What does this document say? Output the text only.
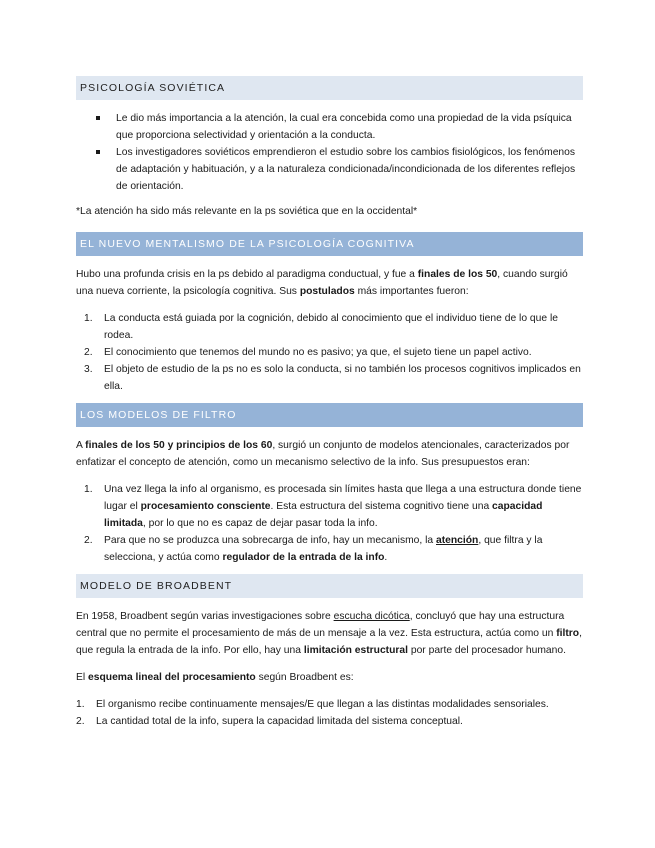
PSICOLOGÍA SOVIÉTICA
Le dio más importancia a la atención, la cual era concebida como una propiedad de la vida psíquica que proporciona selectividad y orientación a la conducta.
Los investigadores soviéticos emprendieron el estudio sobre los cambios fisiológicos, los fenómenos de adaptación y habituación, y a la naturaleza condicionada/incondicionada de los diferentes reflejos de orientación.

*La atención ha sido más relevante en la ps soviética que en la occidental*

EL NUEVO MENTALISMO DE LA PSICOLOGÍA COGNITIVA

Hubo una profunda crisis en la ps debido al paradigma conductual, y fue a finales de los 50, cuando surgió una nueva corriente, la psicología cognitiva. Sus postulados más importantes fueron:

1. La conducta está guiada por la cognición, debido al conocimiento que el individuo tiene de lo que le rodea.
2. El conocimiento que tenemos del mundo no es pasivo; ya que, el sujeto tiene un papel activo.
3. El objeto de estudio de la ps no es solo la conducta, si no también los procesos cognitivos implicados en ella.
LOS MODELOS DE FILTRO

A finales de los 50 y principios de los 60, surgió un conjunto de modelos atencionales, caracterizados por enfatizar el concepto de atención, como un mecanismo selectivo de la info. Sus presupuestos eran:

1. Una vez llega la info al organismo, es procesada sin límites hasta que llega a una estructura donde tiene lugar el procesamiento consciente. Esta estructura del sistema cognitivo tiene una capacidad limitada, por lo que no es capaz de dejar pasar toda la info.
2. Para que no se produzca una sobrecarga de info, hay un mecanismo, la atención, que filtra y la selecciona, y actúa como regulador de la entrada de la info.
MODELO DE BROADBENT

En 1958, Broadbent según varias investigaciones sobre escucha dicótica, concluyó que hay una estructura central que no permite el procesamiento de más de un mensaje a la vez. Esta estructura, actúa como un filtro, que regula la entrada de la info. Por ello, hay una limitación estructural por parte del procesador humano.

El esquema lineal del procesamiento según Broadbent es:

1. El organismo recibe continuamente mensajes/E que llegan a las distintas modalidades sensoriales.
2. La cantidad total de la info, supera la capacidad limitada del sistema conceptual.
